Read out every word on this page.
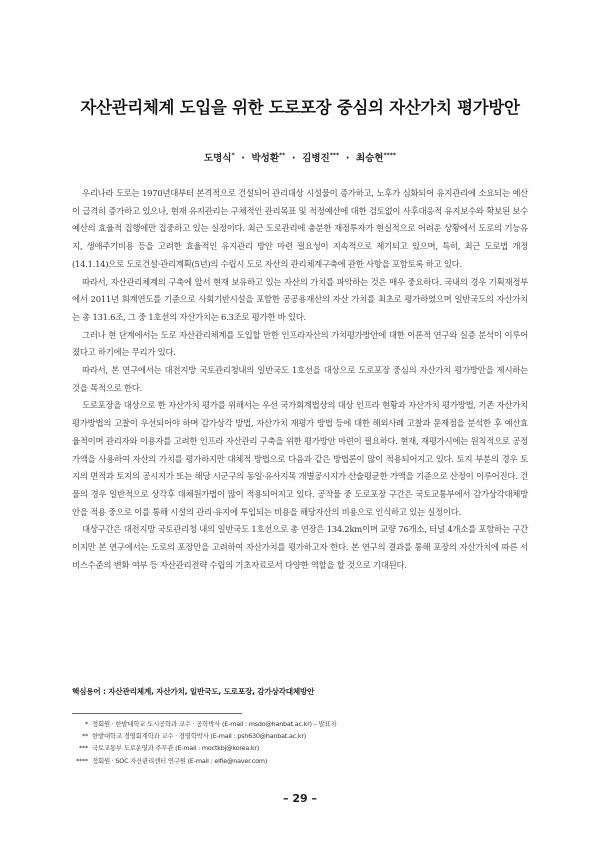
자산관리체계 도입을 위한 도로포장 중심의 자산가치 평가방안
도명식* · 박성환** · 김병진*** · 최승현****

우리나라 도로는 1970년대부터 본격적으로 건설되어 관리대상 시설물이 증가하고, 노후가 심화되어 유지관리에 소요되는 예산이 급격히 증가하고 있으나, 현재 유지관리는 구체적인 관리목표 및 적정예산에 대한 검토없이 사후대응적 유지보수와 확보된 보수예산의 효율적 집행에만 집중하고 있는 실정이다. 최근 도로관리에 충분한 재정투자가 현실적으로 어려운 상황에서 도로의 기능유지, 생애주기비용 등을 고려한 효율적인 유지관리 방안 마련 필요성이 지속적으로 제기되고 있으며, 특히, 최근 도로법 개정(14.1.14)으로 도로건설·관리계획(5년)의 수립시 도로 자산의 관리체계구축에 관한 사항을 포함토록 하고 있다.

따라서, 자산관리체계의 구축에 앞서 현재 보유하고 있는 자산의 가치를 파악하는 것은 매우 중요하다. 국내의 경우 기획재정부에서 2011년 회계연도를 기준으로 사회기반시설을 포함한 공공용재산의 자산 가치를 최초로 평가하였으며 일반국도의 자산가치는 총 131.6조, 그 중 1호선의 자산가치는 6.3조로 평가한 바 있다.

그러나 현 단계에서는 도로 자산관리체계를 도입할 만한 인프라자산의 가치평가방안에 대한 이론적 연구와 실증 분석이 이루어졌다고 하기에는 무리가 있다.

따라서, 본 연구에서는 대전지방 국토관리청내의 일반국도 1호선을 대상으로 도로포장 중심의 자산가치 평가방안을 제시하는 것을 목적으로 한다.

도로포장을 대상으로 한 자산가치 평가를 위해서는 우선 국가회계법상의 대상 인프라 현황과 자산가치 평가방법, 기존 자산가치 평가방법의 고찰이 우선되어야 하며 감가상각 방법, 자산가치 재평가 방법 등에 대한 해외사례 고찰과 문제점을 분석한 후 예산효율적이며 관리자와 이용자를 고려한 인프라 자산관리 구축을 위한 평가방안 마련이 필요하다. 현재, 재평가시에는 원칙적으로 공정가액을 사용하여 자산의 가치를 평가하지만 대체적 방법으로 다음과 같은 방법론이 많이 적용되어지고 있다. 토지 부분의 경우 토지의 면적과 토지의 공시지가 또는 해당 시군구의 동일·유사지목 개별공시지가 산술평균한 가액을 기준으로 산정이 이루어진다. 건물의 경우 일반적으로 상각후 대체원가법이 많이 적용되어지고 있다. 공작물 중 도로포장 구간은 국토교통부에서 감가상각대체방안을 적용 중으로 이를 통해 시설의 관리·유지에 투입되는 비용을 해당자산의 비용으로 인식하고 있는 실정이다.

대상구간은 대전지방 국토관리청 내의 일반국도 1호선으로 총 연장은 134.2km이며 교량 76개소, 터널 4개소를 포함하는 구간이지만 본 연구에서는 도로의 포장만을 고려하여 자산가치를 평가하고자 한다. 본 연구의 결과를 통해 포장의 자산가치에 따른 서비스수준의 변화 여부 등 자산관리전략 수립의 기초자료로서 다양한 역할을 할 것으로 기대된다.

핵심용어 : 자산관리체계, 자산가치, 일반국도, 도로포장, 감가상각대체방안
* 정회원 · 한밭대학교 도시공학과 교수 · 공학박사 (E-mail : msdo@hanbat.ac.kr) – 발표자
** 한밭대학교 경영회계학과 교수 · 경영학박사 (E-mail : psh630@hanbat.ac.kr)
*** 국토교통부 도로운영과 주무관 (E-mail : moctkbj@korea.kr)
**** 정회원 · SOC 자산관리센터 연구원 (E-mail : elfie@naver.com)
– 29 –
